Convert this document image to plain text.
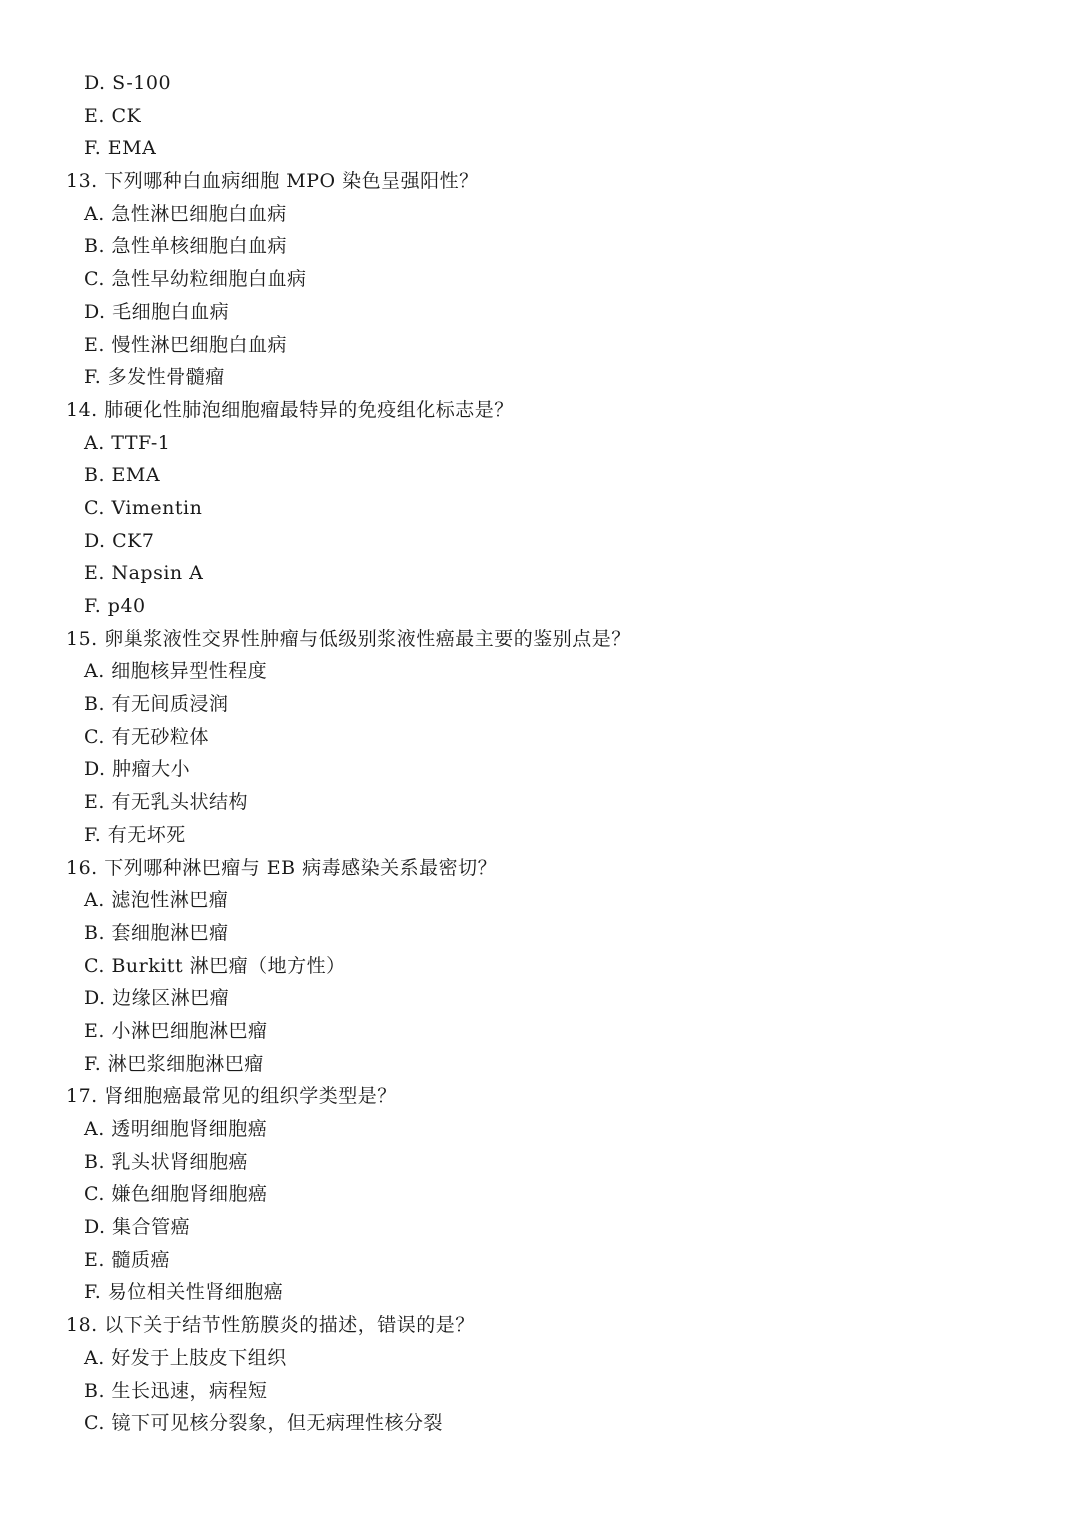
D. S-100
E. CK
F. EMA
13. 下列哪种白血病细胞 MPO 染色呈强阳性？
A. 急性淋巴细胞白血病
B. 急性单核细胞白血病
C. 急性早幼粒细胞白血病
D. 毛细胞白血病
E. 慢性淋巴细胞白血病
F. 多发性骨髓瘤
14. 肺硬化性肺泡细胞瘤最特异的免疫组化标志是？
A. TTF-1
B. EMA
C. Vimentin
D. CK7
E. Napsin A
F. p40
15. 卵巢浆液性交界性肿瘤与低级别浆液性癌最主要的鉴别点是？
A. 细胞核异型性程度
B. 有无间质浸润
C. 有无砂粒体
D. 肿瘤大小
E. 有无乳头状结构
F. 有无坏死
16. 下列哪种淋巴瘤与 EB 病毒感染关系最密切？
A. 滤泡性淋巴瘤
B. 套细胞淋巴瘤
C. Burkitt 淋巴瘤（地方性）
D. 边缘区淋巴瘤
E. 小淋巴细胞淋巴瘤
F. 淋巴浆细胞淋巴瘤
17. 肾细胞癌最常见的组织学类型是？
A. 透明细胞肾细胞癌
B. 乳头状肾细胞癌
C. 嫌色细胞肾细胞癌
D. 集合管癌
E. 髓质癌
F. 易位相关性肾细胞癌
18. 以下关于结节性筋膜炎的描述，错误的是？
A. 好发于上肢皮下组织
B. 生长迅速，病程短
C. 镜下可见核分裂象，但无病理性核分裂
